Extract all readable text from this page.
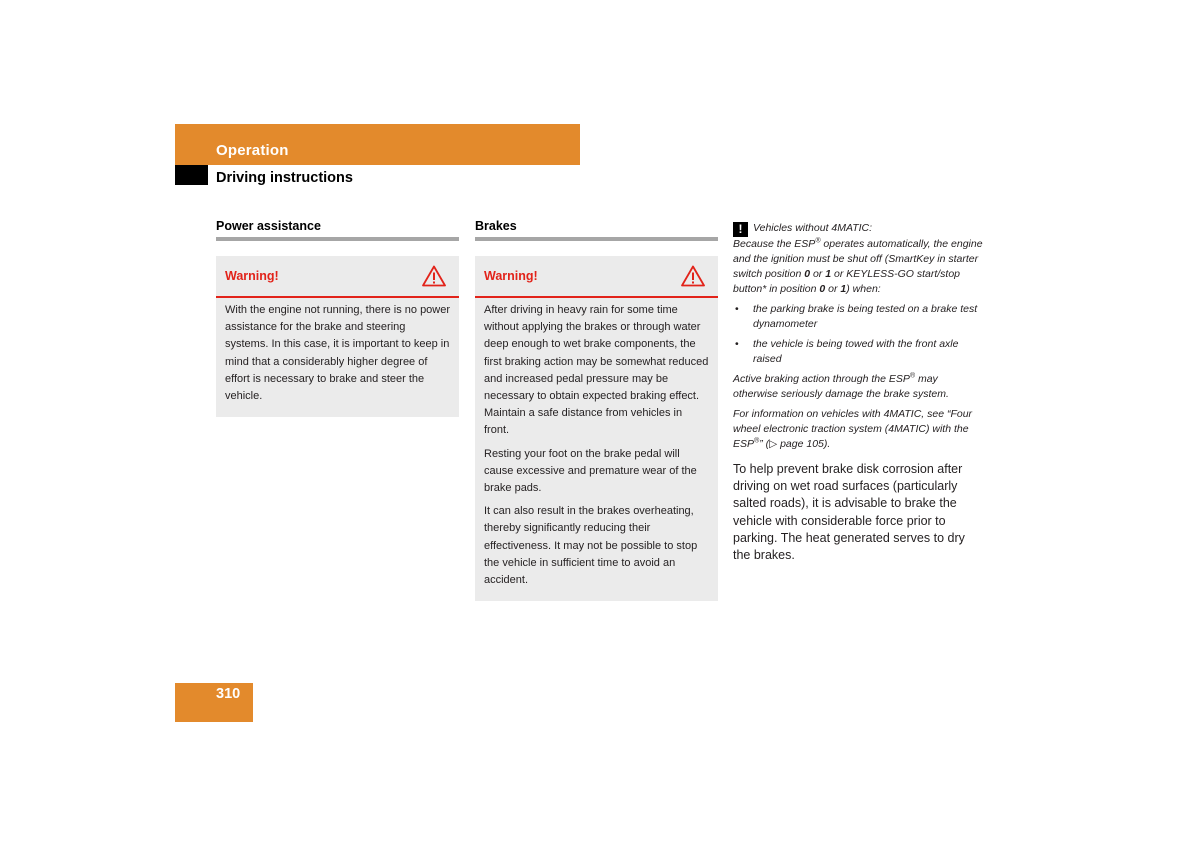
Operation
Driving instructions
Power assistance
Warning!

With the engine not running, there is no power assistance for the brake and steering systems. In this case, it is important to keep in mind that a considerably higher degree of effort is necessary to brake and steer the vehicle.

Brakes
Warning!

After driving in heavy rain for some time without applying the brakes or through water deep enough to wet brake components, the first braking action may be somewhat reduced and increased pedal pressure may be necessary to obtain expected braking effect. Maintain a safe distance from vehicles in front.

Resting your foot on the brake pedal will cause excessive and premature wear of the brake pads.

It can also result in the brakes overheating, thereby significantly reducing their effectiveness. It may not be possible to stop the vehicle in sufficient time to avoid an accident.

! Vehicles without 4MATIC:

Because the ESP® operates automatically, the engine and the ignition must be shut off (SmartKey in starter switch position 0 or 1 or KEYLESS-GO start/stop button* in position 0 or 1) when:

• the parking brake is being tested on a brake test dynamometer
• the vehicle is being towed with the front axle raised

Active braking action through the ESP® may otherwise seriously damage the brake system.

For information on vehicles with 4MATIC, see “Four wheel electronic traction system (4MATIC) with the ESP®” (▷ page 105).

To help prevent brake disk corrosion after driving on wet road surfaces (particularly salted roads), it is advisable to brake the vehicle with considerable force prior to parking. The heat generated serves to dry the brakes.
310
